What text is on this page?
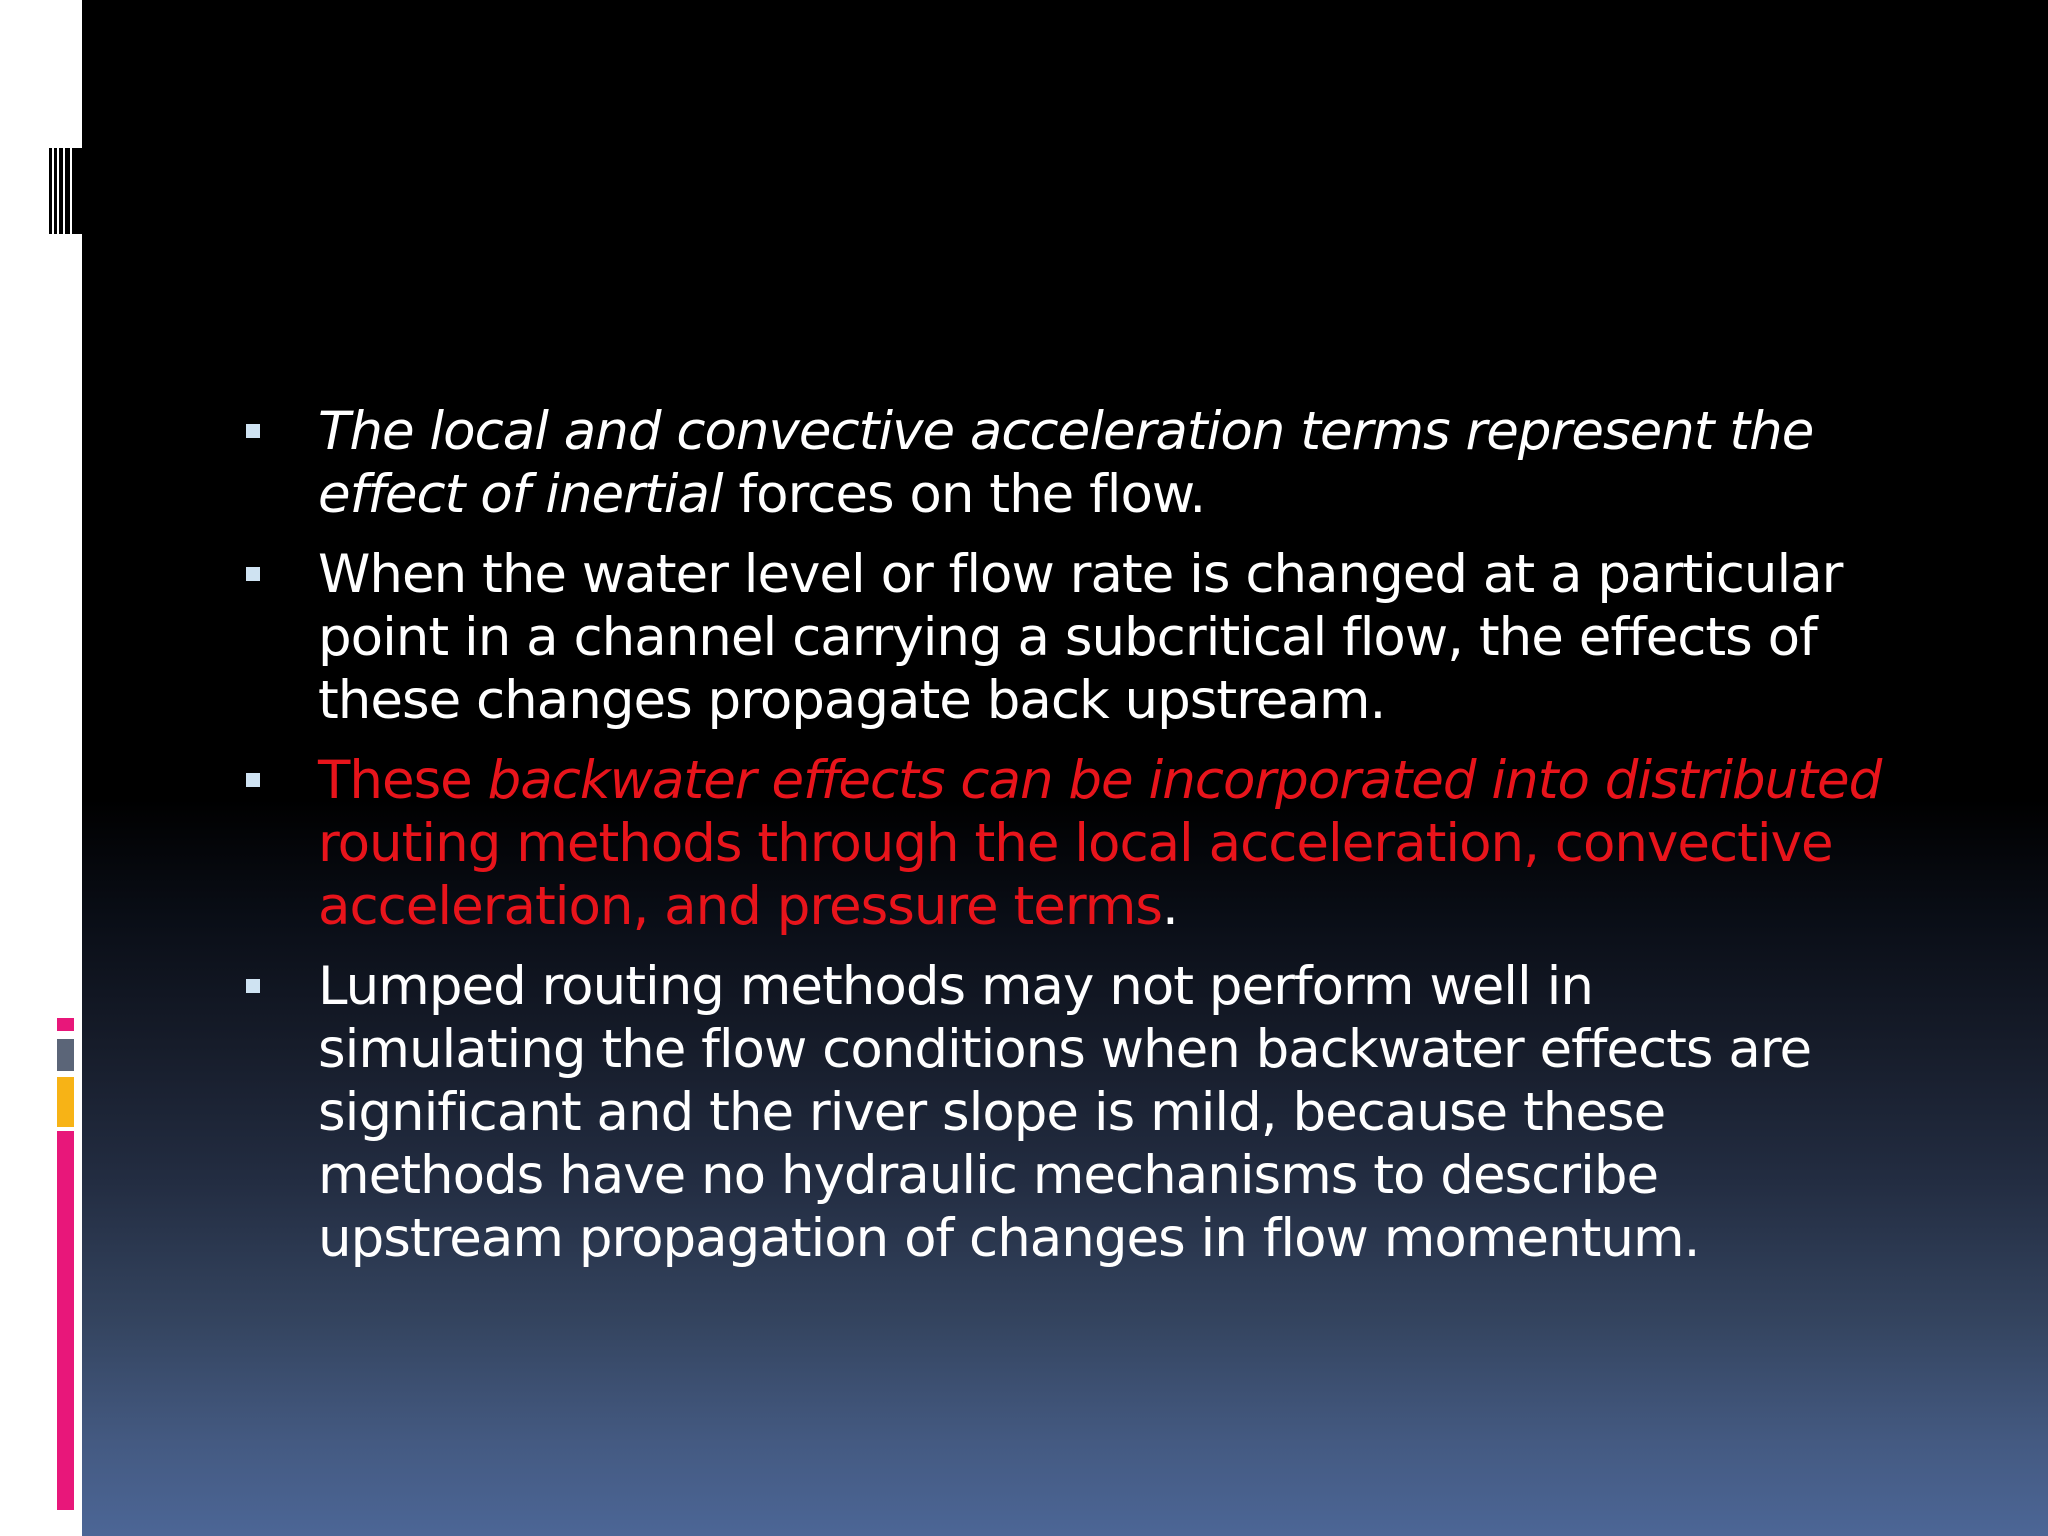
The local and convective acceleration terms represent the
effect of inertial forces on the flow.
When the water level or flow rate is changed at a particular
point in a channel carrying a subcritical flow, the effects of
these changes propagate back upstream.
These backwater effects can be incorporated into distributed
routing methods through the local acceleration, convective
acceleration, and pressure terms.
Lumped routing methods may not perform well in
simulating the flow conditions when backwater effects are
significant and the river slope is mild, because these
methods have no hydraulic mechanisms to describe
upstream propagation of changes in flow momentum.
